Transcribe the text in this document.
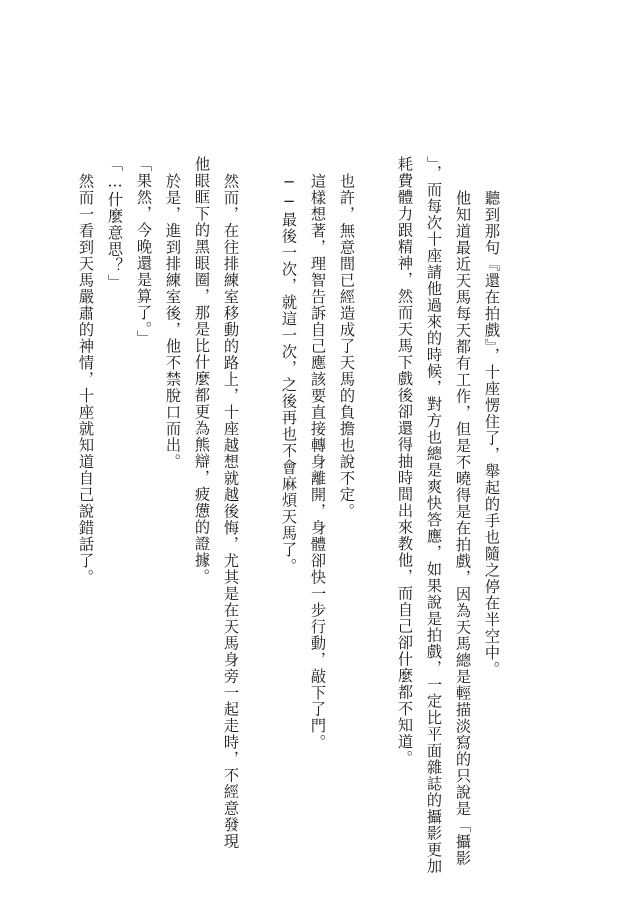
聽到那句『還在拍戲』，十座愣住了，舉起的手也隨之停在半空中。
他知道最近天馬每天都有工作，但是不曉得是在拍戲，因為天馬總是輕描淡寫的只說是「攝影
」，而每次十座請他過來的時候，對方也總是爽快答應，如果說是拍戲，一定比平面雜誌的攝影更加
耗費體力跟精神，然而天馬下戲後卻還得抽時間出來教他，而自己卻什麼都不知道。
也許，無意間已經造成了天馬的負擔也說不定。
這樣想著，理智告訴自己應該要直接轉身離開，身體卻快一步行動，敲下了門。
──最後一次，就這一次，之後再也不會麻煩天馬了。
然而，在往排練室移動的路上，十座越想就越後悔，尤其是在天馬身旁一起走時，不經意發現
他眼眶下的黑眼圈，那是比什麼都更為熊辯，疲憊的證據。
於是，進到排練室後，他不禁脫口而出。
「果然，今晚還是算了。」
「…什麼意思？」
然而一看到天馬嚴肅的神情，十座就知道自己說錯話了。
